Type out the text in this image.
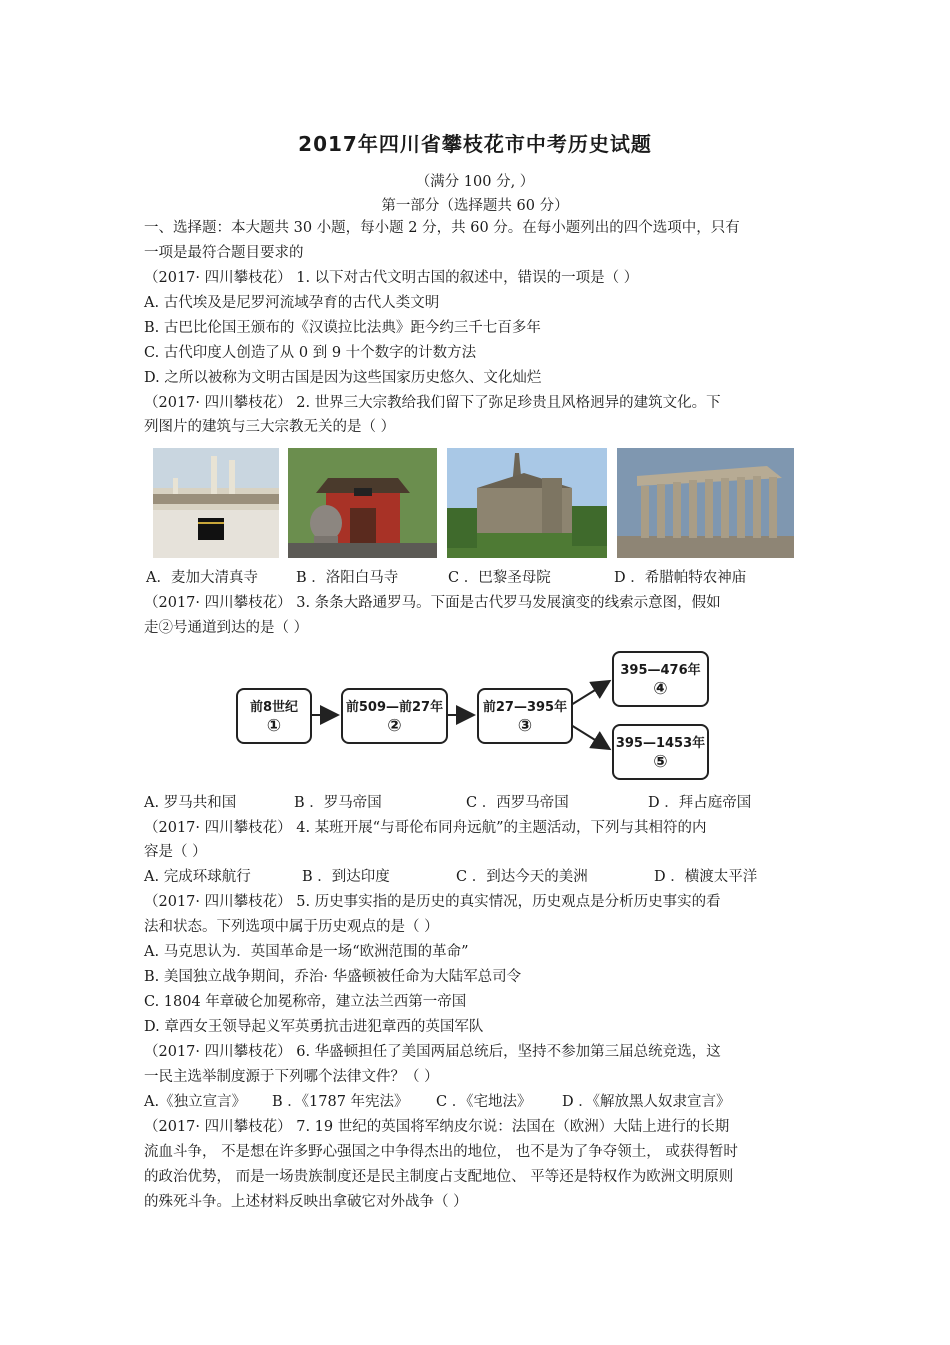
2017年四川省攀枝花市中考历史试题
（满分 100 分, ）
第一部分（选择题共 60 分）
一、选择题：本大题共 30 小题，每小题 2 分，共 60 分。在每小题列出的四个选项中，只有
一项是最符合题目要求的
（2017· 四川攀枝花） 1. 以下对古代文明古国的叙述中，错误的一项是（ ）
A. 古代埃及是尼罗河流域孕育的古代人类文明
B. 古巴比伦国王颁布的《汉谟拉比法典》距今约三千七百多年
C. 古代印度人创造了从 0 到 9 十个数字的计数方法
D. 之所以被称为文明古国是因为这些国家历史悠久、文化灿烂
（2017· 四川攀枝花） 2. 世界三大宗教给我们留下了弥足珍贵且风格迥异的建筑文化。下
列图片的建筑与三大宗教无关的是（ ）
A．麦加大清真寺	B ．洛阳白马寺	C ．巴黎圣母院	D ．希腊帕特农神庙
（2017· 四川攀枝花） 3. 条条大路通罗马。下面是古代罗马发展演变的线索示意图，假如
走②号通道到达的是（ ）
前8世纪
①
前509—前27年
②
前27—395年
③
395—476年
④
395—1453年
⑤
A. 罗马共和国	B ．罗马帝国	C ．西罗马帝国	D ．拜占庭帝国
（2017· 四川攀枝花） 4. 某班开展“与哥伦布同舟远航”的主题活动，下列与其相符的内
容是（ ）
A. 完成环球航行	B ．到达印度	C ．到达今天的美洲	D ．横渡太平洋
（2017· 四川攀枝花） 5. 历史事实指的是历史的真实情况，历史观点是分析历史事实的看
法和状态。下列选项中属于历史观点的是（ ）
A. 马克思认为．英国革命是一场“欧洲范围的革命”
B. 美国独立战争期间，乔治· 华盛顿被任命为大陆军总司令
C. 1804 年章破仑加冕称帝，建立法兰西第一帝国
D. 章西女王领导起义军英勇抗击进犯章西的英国军队
（2017· 四川攀枝花） 6. 华盛顿担任了美国两届总统后，坚持不参加第三届总统竞选，这
一民主选举制度源于下列哪个法律文件？（ ）
A.《独立宣言》 B ．《1787 年宪法》 C ．《宅地法》 D ．《解放黑人奴隶宣言》
（2017· 四川攀枝花） 7. 19 世纪的英国将军纳皮尔说：法国在（欧洲）大陆上进行的长期
流血斗争， 不是想在许多野心强国之中争得杰出的地位， 也不是为了争夺领土， 或获得暂时
的政治优势， 而是一场贵族制度还是民主制度占支配地位、 平等还是特权作为欧洲文明原则
的殊死斗争。上述材料反映出拿破它对外战争（ ）
